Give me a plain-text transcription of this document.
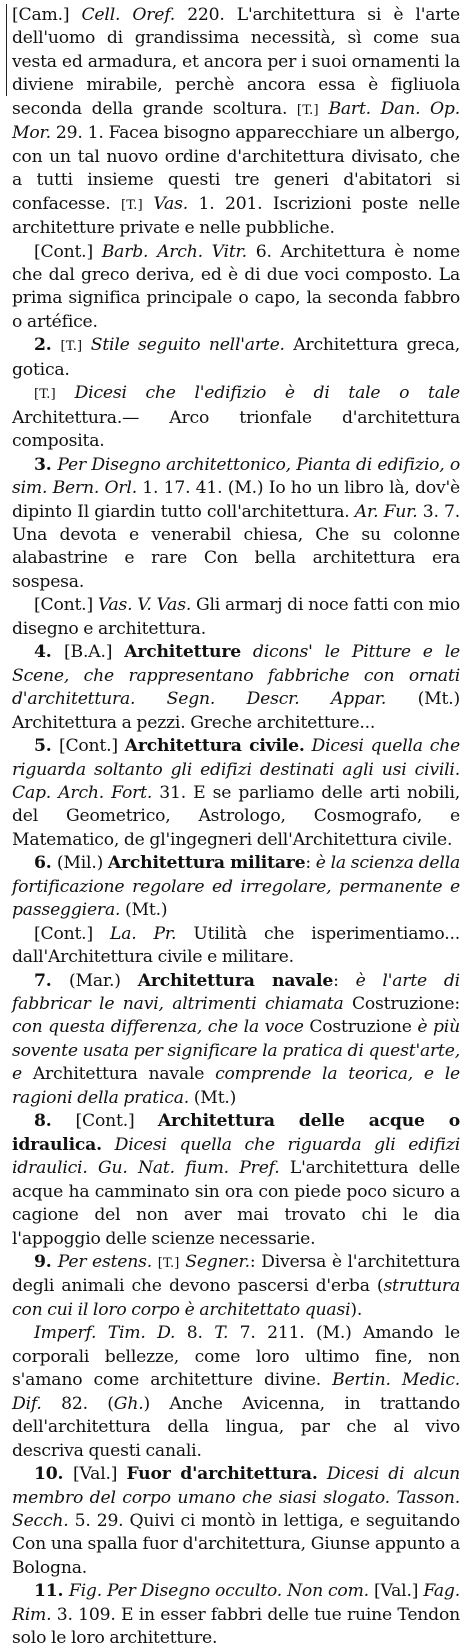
[Cam.] Cell. Oref. 220. L'architettura si è l'arte dell'uomo di grandissima necessità, sì come sua vesta ed armadura, et ancora per i suoi ornamenti la diviene mirabile, perchè ancora essa è figliuola seconda della grande scoltura. [T.] Bart. Dan. Op. Mor. 29. 1. Facea bisogno apparecchiare un albergo, con un tal nuovo ordine d'architettura divisato, che a tutti insieme questi tre generi d'abitatori si confacesse. [T.] Vas. 1. 201. Iscrizioni poste nelle architetture private e nelle pubbliche.

[Cont.] Barb. Arch. Vitr. 6. Architettura è nome che dal greco deriva, ed è di due voci composto. La prima significa principale o capo, la seconda fabbro o artéfice.

2. [T.] Stile seguito nell'arte. Architettura greca, gotica.

[T.] Dicesi che l'edifizio è di tale o tale Architettura.— Arco trionfale d'architettura composita.

3. Per Disegno architettonico, Pianta di edifizio, o sim. Bern. Orl. 1. 17. 41. (M.) Io ho un libro là, dov'è dipinto Il giardin tutto coll'architettura. Ar. Fur. 3. 7. Una devota e venerabil chiesa, Che su colonne alabastrine e rare Con bella architettura era sospesa.

[Cont.] Vas. V. Vas. Gli armarj di noce fatti con mio disegno e architettura.

4. [B.A.] Architetture dicons' le Pitture e le Scene, che rappresentano fabbriche con ornati d'architettura. Segn. Descr. Appar. (Mt.) Architettura a pezzi. Greche architetture...

5. [Cont.] Architettura civile. Dicesi quella che riguarda soltanto gli edifizi destinati agli usi civili. Cap. Arch. Fort. 31. E se parliamo delle arti nobili, del Geometrico, Astrologo, Cosmografo, e Matematico, de gl'ingegneri dell'Architettura civile.

6. (Mil.) Architettura militare: è la scienza della fortificazione regolare ed irregolare, permanente e passeggiera. (Mt.)

[Cont.] La. Pr. Utilità che isperimentiamo... dall'Architettura civile e militare.

7. (Mar.) Architettura navale: è l'arte di fabbricar le navi, altrimenti chiamata Costruzione: con questa differenza, che la voce Costruzione è più sovente usata per significare la pratica di quest'arte, e Architettura navale comprende la teorica, e le ragioni della pratica. (Mt.)

8. [Cont.] Architettura delle acque o idraulica. Dicesi quella che riguarda gli edifizi idraulici. Gu. Nat. fium. Pref. L'architettura delle acque ha camminato sin ora con piede poco sicuro a cagione del non aver mai trovato chi le dia l'appoggio delle scienze necessarie.

9. Per estens. [T.] Segner.: Diversa è l'architettura degli animali che devono pascersi d'erba (struttura con cui il loro corpo è architettato quasi).

Imperf. Tim. D. 8. T. 7. 211. (M.) Amando le corporali bellezze, come loro ultimo fine, non s'amano come architetture divine. Bertin. Medic. Dif. 82. (Gh.) Anche Avicenna, in trattando dell'architettura della lingua, par che al vivo descriva questi canali.

10. [Val.] Fuor d'architettura. Dicesi di alcun membro del corpo umano che siasi slogato. Tasson. Secch. 5. 29. Quivi ci montò in lettiga, e seguitando Con una spalla fuor d'architettura, Giunse appunto a Bologna.

11. Fig. Per Disegno occulto. Non com. [Val.] Fag. Rim. 3. 109. E in esser fabbri delle tue ruine Tendon solo le loro architetture.
